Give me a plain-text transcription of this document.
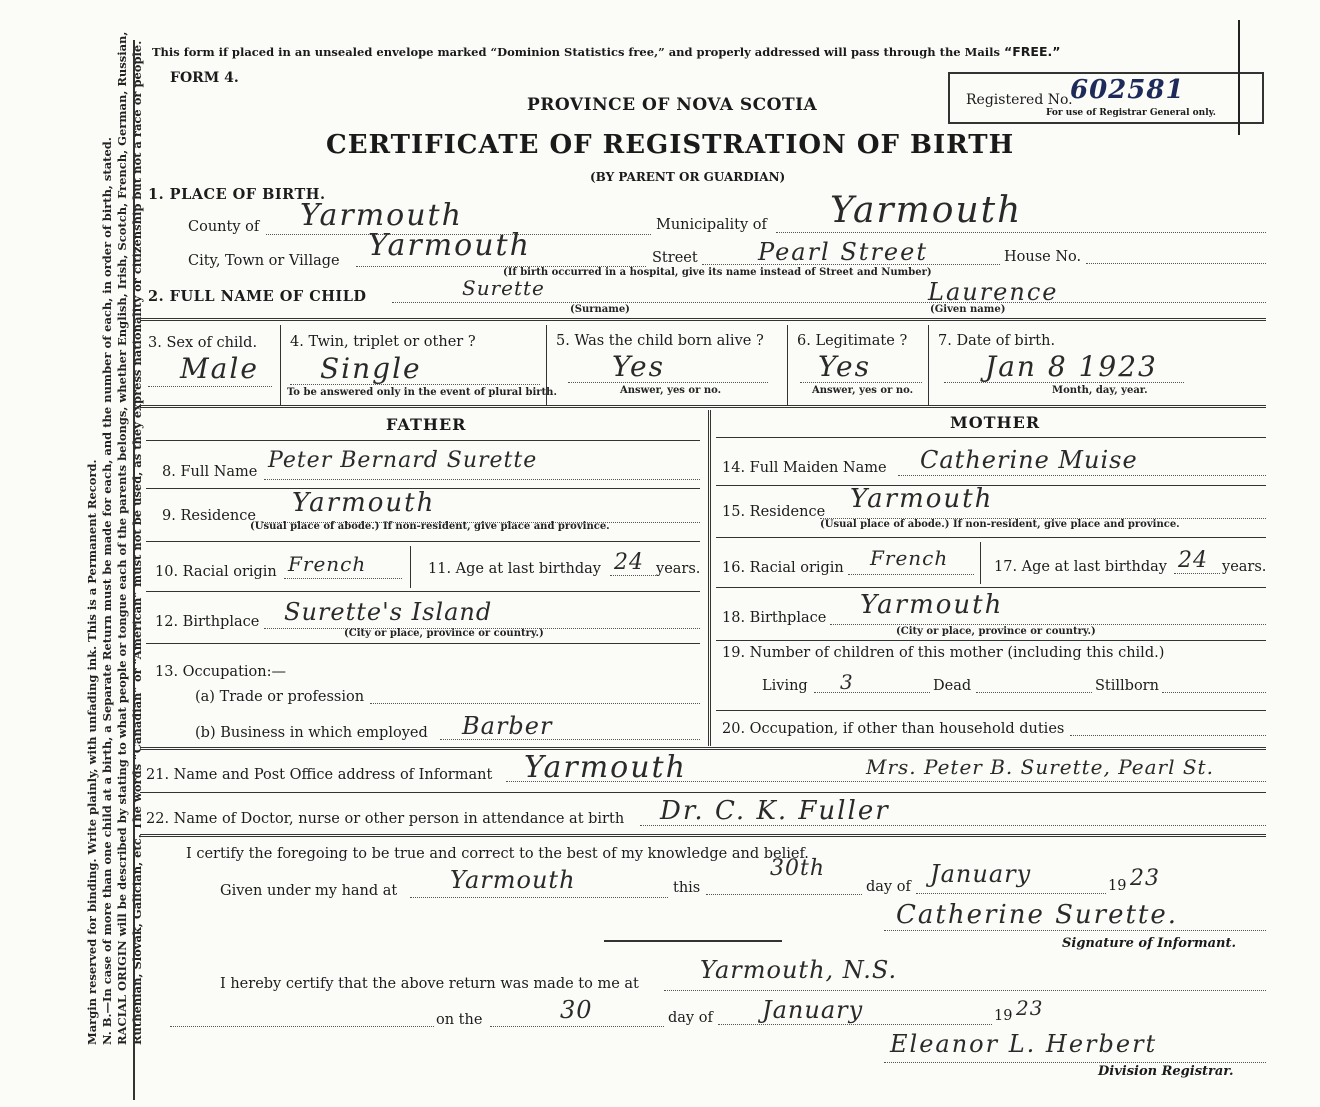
Margin reserved for binding. Write plainly, with unfading ink. This is a Permanent Record. N. B.—In case of more than one child at a birth, a Separate Return must be made for each, and the number of each, in order of birth, stated. RACIAL ORIGIN will be described by stating to what people or tongue each of the parents belongs, whether English, Irish, Scotch, French, German, Russian, Ruthenian, Slovak, Galician, etc. The words “Canadian” or “American” must not be used, as they express nationality or citizenship but not a race or people. This form if placed in an unsealed envelope marked “Dominion Statistics free,” and properly addressed will pass through the Mails “FREE.”
FORM 4.
PROVINCE OF NOVA SCOTIA
CERTIFICATE OF REGISTRATION OF BIRTH
(BY PARENT OR GUARDIAN)
Registered No.
602581
For use of Registrar General only.
1. PLACE OF BIRTH.
County of Yarmouth	Municipality of Yarmouth
City, Town or Village Yarmouth	Street	Pearl Street	House No.
(If birth occurred in a hospital, give its name instead of Street and Number)
2. FULL NAME OF CHILD	Surette
(Surname)
Laurence
(Given name)
3. Sex of child.
Male
4. Twin, triplet or other ?
Single
To be answered only in the event of plural birth.
5. Was the child born alive ?
Yes
Answer, yes or no.
6. Legitimate ?
Yes
Answer, yes or no.
7. Date of birth.
Jan 8 1923
Month, day, year.
FATHER	MOTHER
8. Full Name Peter Bernard Surette	14. Full Maiden Name Catherine Muise
9. Residence Yarmouth
(Usual place of abode.) If non-resident, give place and province.
15. Residence Yarmouth
(Usual place of abode.) If non-resident, give place and province.
10. Racial origin French	11. Age at last birthday 24 years. 16. Racial origin French	17. Age at last birthday 24 years.
12. Birthplace Surette's Island
(City or place, province or country.)
18. Birthplace Yarmouth
(City or place, province or country.)
13. Occupation:—
(a) Trade or profession
(b) Business in which employed Barber
19. Number of children of this mother (including this child.)
Living 3	Dead	Stillborn
20. Occupation, if other than household duties
21. Name and Post Office address of Informant Yarmouth	Mrs. Peter B. Surette, Pearl St.
22. Name of Doctor, nurse or other person in attendance at birth Dr. C. K. Fuller
I certify the foregoing to be true and correct to the best of my knowledge and belief.
Given under my hand at Yarmouth	this
30th
day of January	19 23
Catherine Surette.
Signature of Informant.
I hereby certify that the above return was made to me at	Yarmouth, N.S.
on the	30	day of January	19 23
Eleanor L. Herbert
Division Registrar.
